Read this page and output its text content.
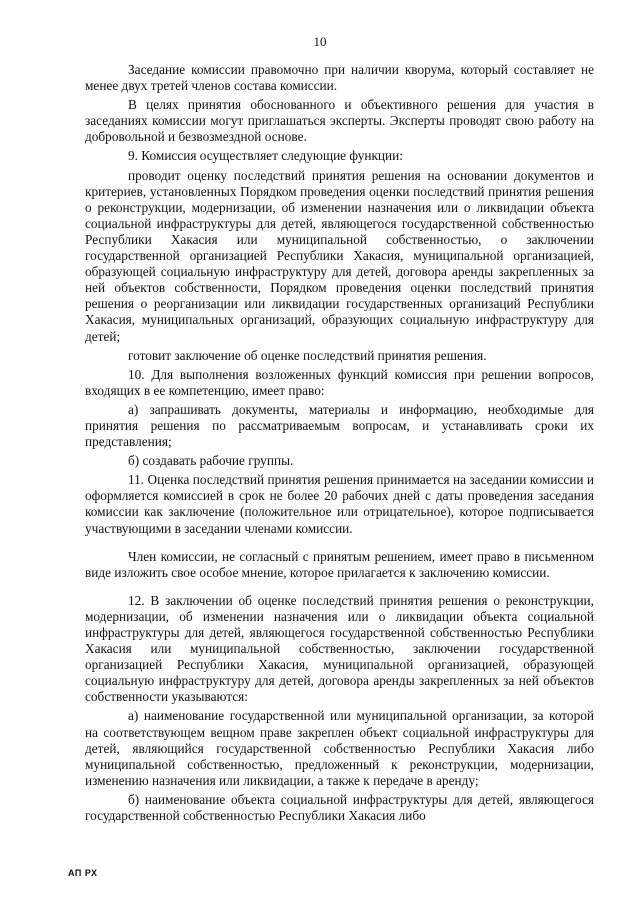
10

Заседание комиссии правомочно при наличии кворума, который составляет не менее двух третей членов состава комиссии.

В целях принятия обоснованного и объективного решения для участия в заседаниях комиссии могут приглашаться эксперты. Эксперты проводят свою работу на добровольной и безвозмездной основе.

9. Комиссия осуществляет следующие функции:

проводит оценку последствий принятия решения на основании документов и критериев, установленных Порядком проведения оценки последствий принятия решения о реконструкции, модернизации, об изменении назначения или о ликвидации объекта социальной инфраструктуры для детей, являющегося государственной собственностью Республики Хакасия или муниципальной собственностью, о заключении государственной организацией Республики Хакасия, муниципальной организацией, образующей социальную инфраструктуру для детей, договора аренды закрепленных за ней объектов собственности, Порядком проведения оценки последствий принятия решения о реорганизации или ликвидации государственных организаций Республики Хакасия, муниципальных организаций, образующих социальную инфраструктуру для детей;

готовит заключение об оценке последствий принятия решения.

10. Для выполнения возложенных функций комиссия при решении вопросов, входящих в ее компетенцию, имеет право:

а) запрашивать документы, материалы и информацию, необходимые для принятия решения по рассматриваемым вопросам, и устанавливать сроки их представления;

б) создавать рабочие группы.

11. Оценка последствий принятия решения принимается на заседании комиссии и оформляется комиссией в срок не более 20 рабочих дней с даты проведения заседания комиссии как заключение (положительное или отрицательное), которое подписывается участвующими в заседании членами комиссии.

Член комиссии, не согласный с принятым решением, имеет право в письменном виде изложить свое особое мнение, которое прилагается к заключению комиссии.

12. В заключении об оценке последствий принятия решения о реконструкции, модернизации, об изменении назначения или о ликвидации объекта социальной инфраструктуры для детей, являющегося государственной собственностью Республики Хакасия или муниципальной собственностью, заключении государственной организацией Республики Хакасия, муниципальной организацией, образующей социальную инфраструктуру для детей, договора аренды закрепленных за ней объектов собственности указываются:

а) наименование государственной или муниципальной организации, за которой на соответствующем вещном праве закреплен объект социальной инфраструктуры для детей, являющийся государственной собственностью Республики Хакасия либо муниципальной собственностью, предложенный к реконструкции, модернизации, изменению назначения или ликвидации, а также к передаче в аренду;

б) наименование объекта социальной инфраструктуры для детей, являющегося государственной собственностью Республики Хакасия либо

АП РХ
